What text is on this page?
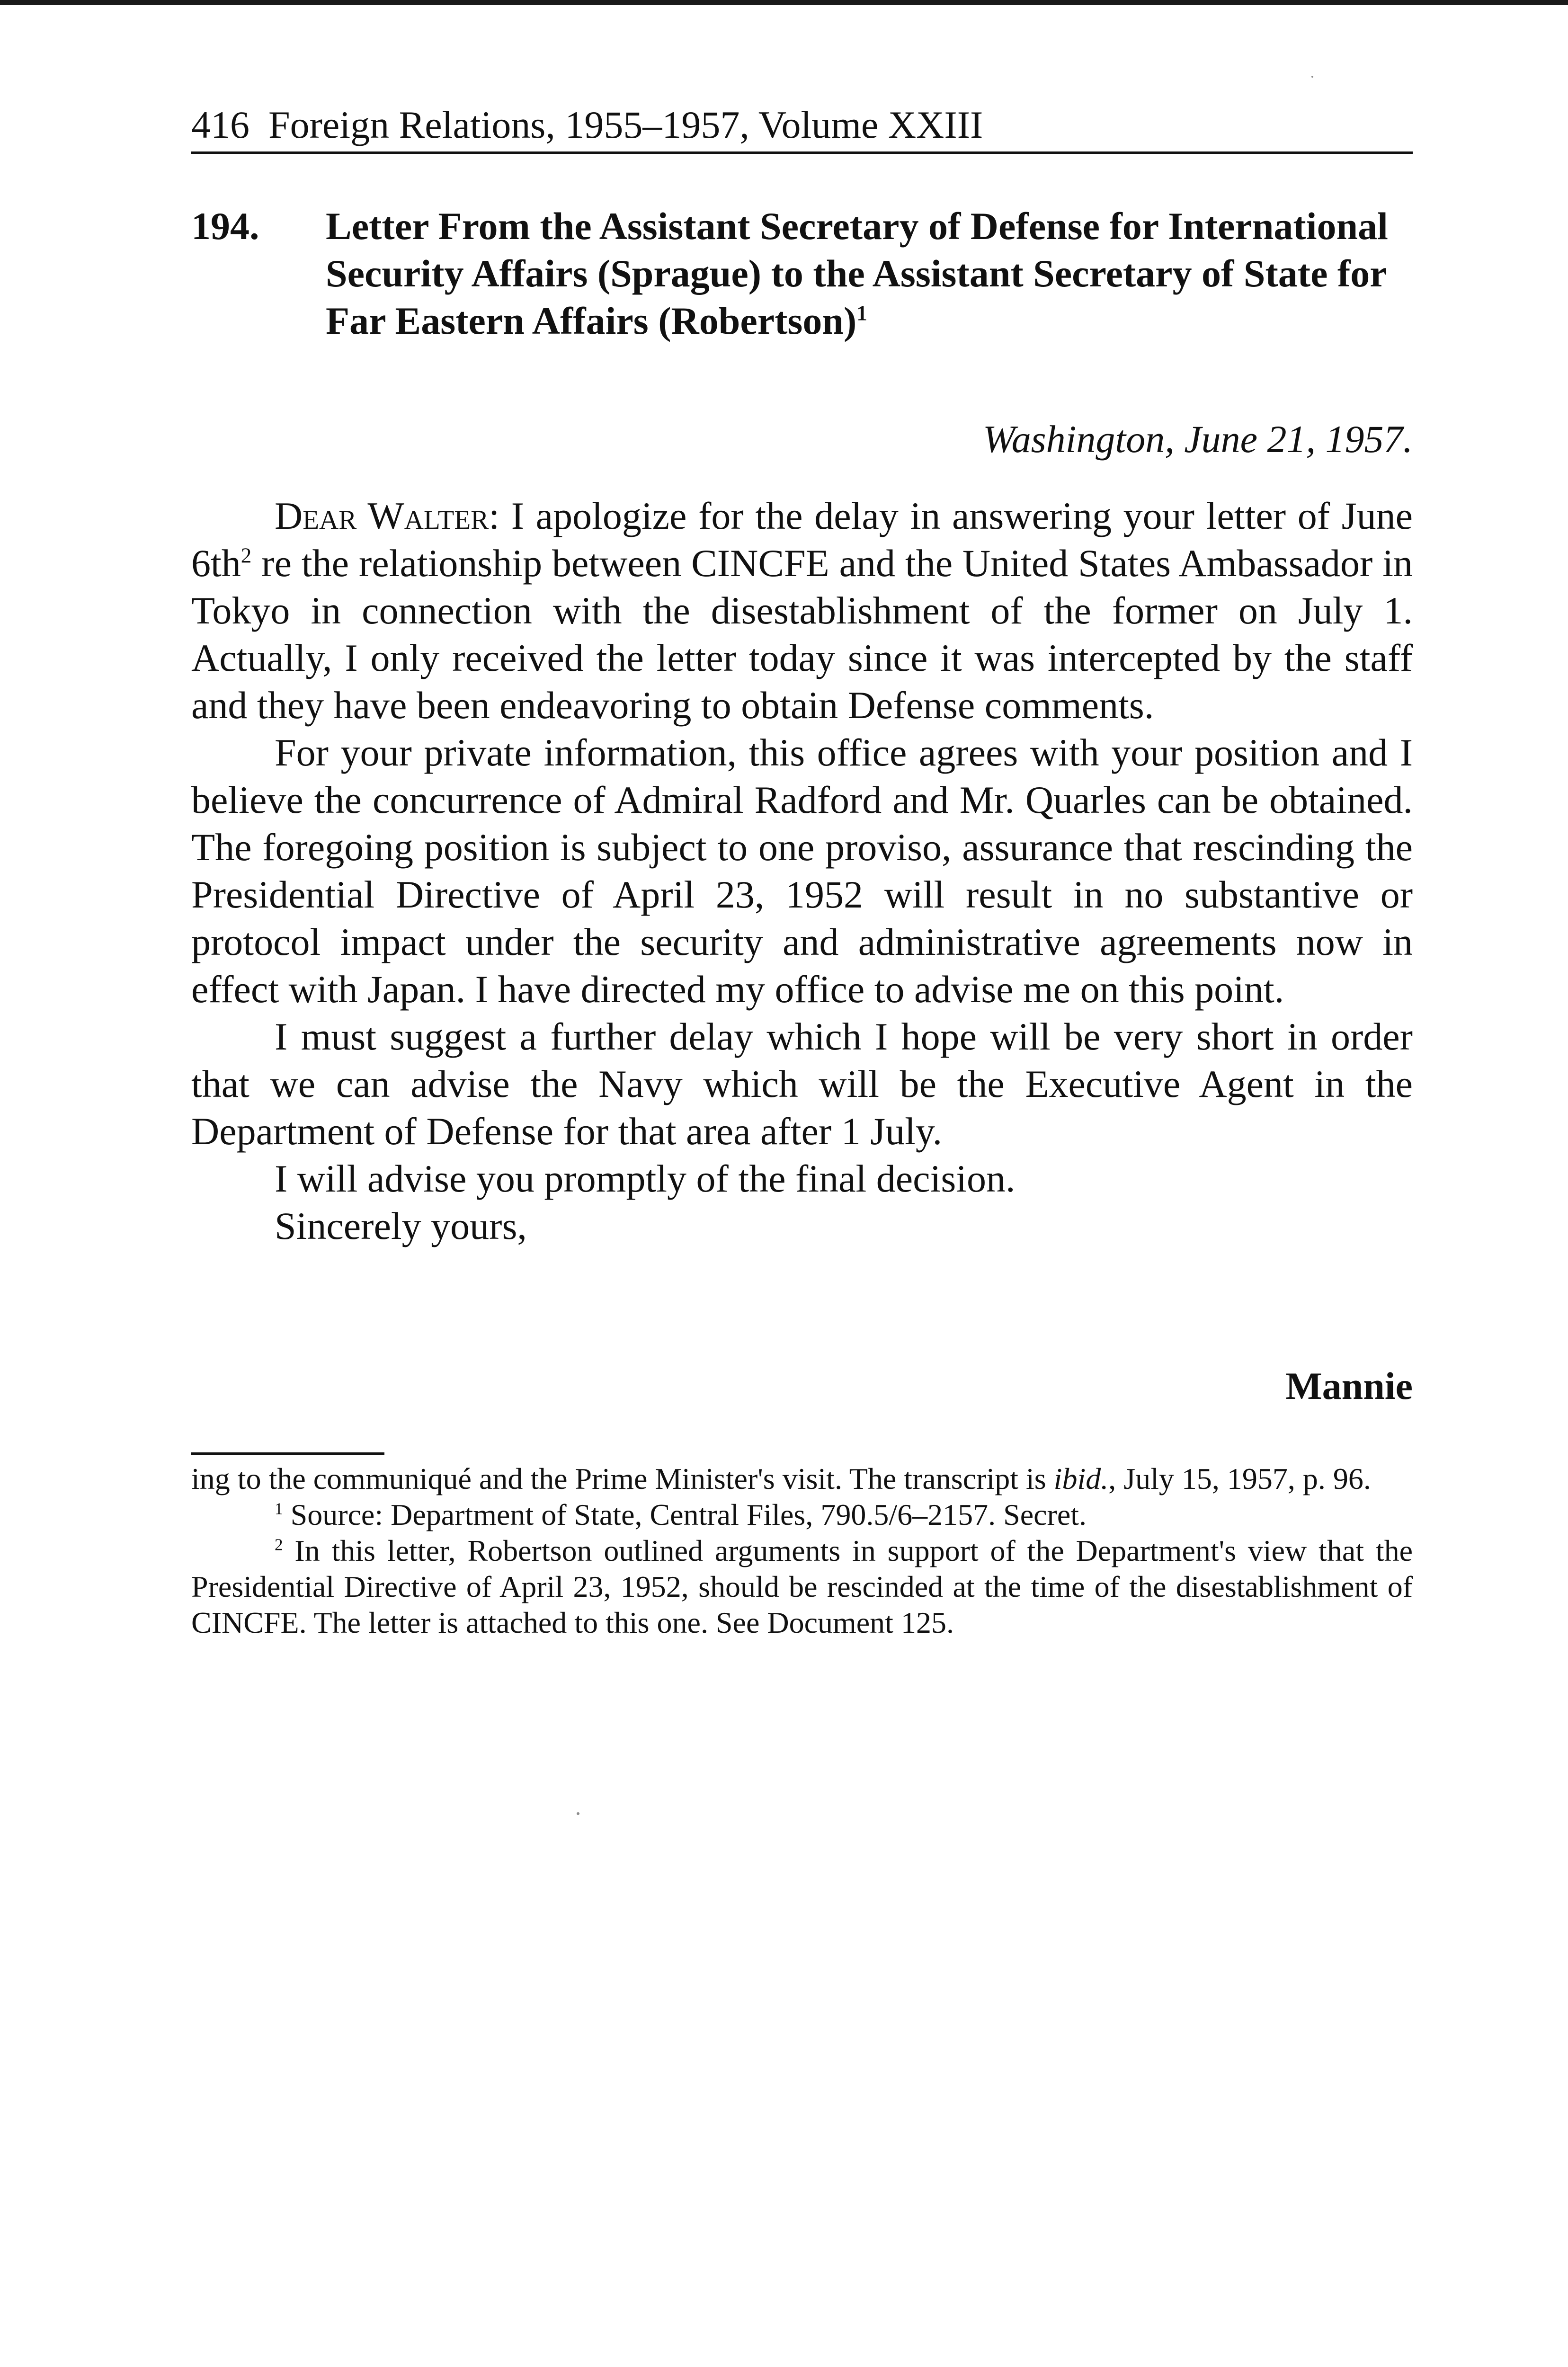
416 Foreign Relations, 1955–1957, Volume XXIII
194. Letter From the Assistant Secretary of Defense for International Security Affairs (Sprague) to the Assistant Secretary of State for Far Eastern Affairs (Robertson)$^1$
Washington, June 21, 1957.

Dear Walter: I apologize for the delay in answering your letter of June $6th^2$ re the relationship between CINCFE and the United States Ambassador in Tokyo in connection with the disestablishment of the former on July 1. Actually, I only received the letter today since it was intercepted by the staff and they have been endeavoring to obtain Defense comments.

For your private information, this office agrees with your position and I believe the concurrence of Admiral Radford and Mr. Quarles can be obtained. The foregoing position is subject to one proviso, assurance that rescinding the Presidential Directive of April 23, 1952 will result in no substantive or protocol impact under the security and administrative agreements now in effect with Japan. I have directed my office to advise me on this point.

I must suggest a further delay which I hope will be very short in order that we can advise the Navy which will be the Executive Agent in the Department of Defense for that area after 1 July.

I will advise you promptly of the final decision.

Sincerely yours,

Mannie

ing to the communiqué and the Prime Minister's visit. The transcript is ibid., July 15, 1957, p. 96.

$^1$ Source: Department of State, Central Files, 790.5/6–2157. Secret.

$^2$ In this letter, Robertson outlined arguments in support of the Department's view that the Presidential Directive of April 23, 1952, should be rescinded at the time of the disestablishment of CINCFE. The letter is attached to this one. See Document 125.
